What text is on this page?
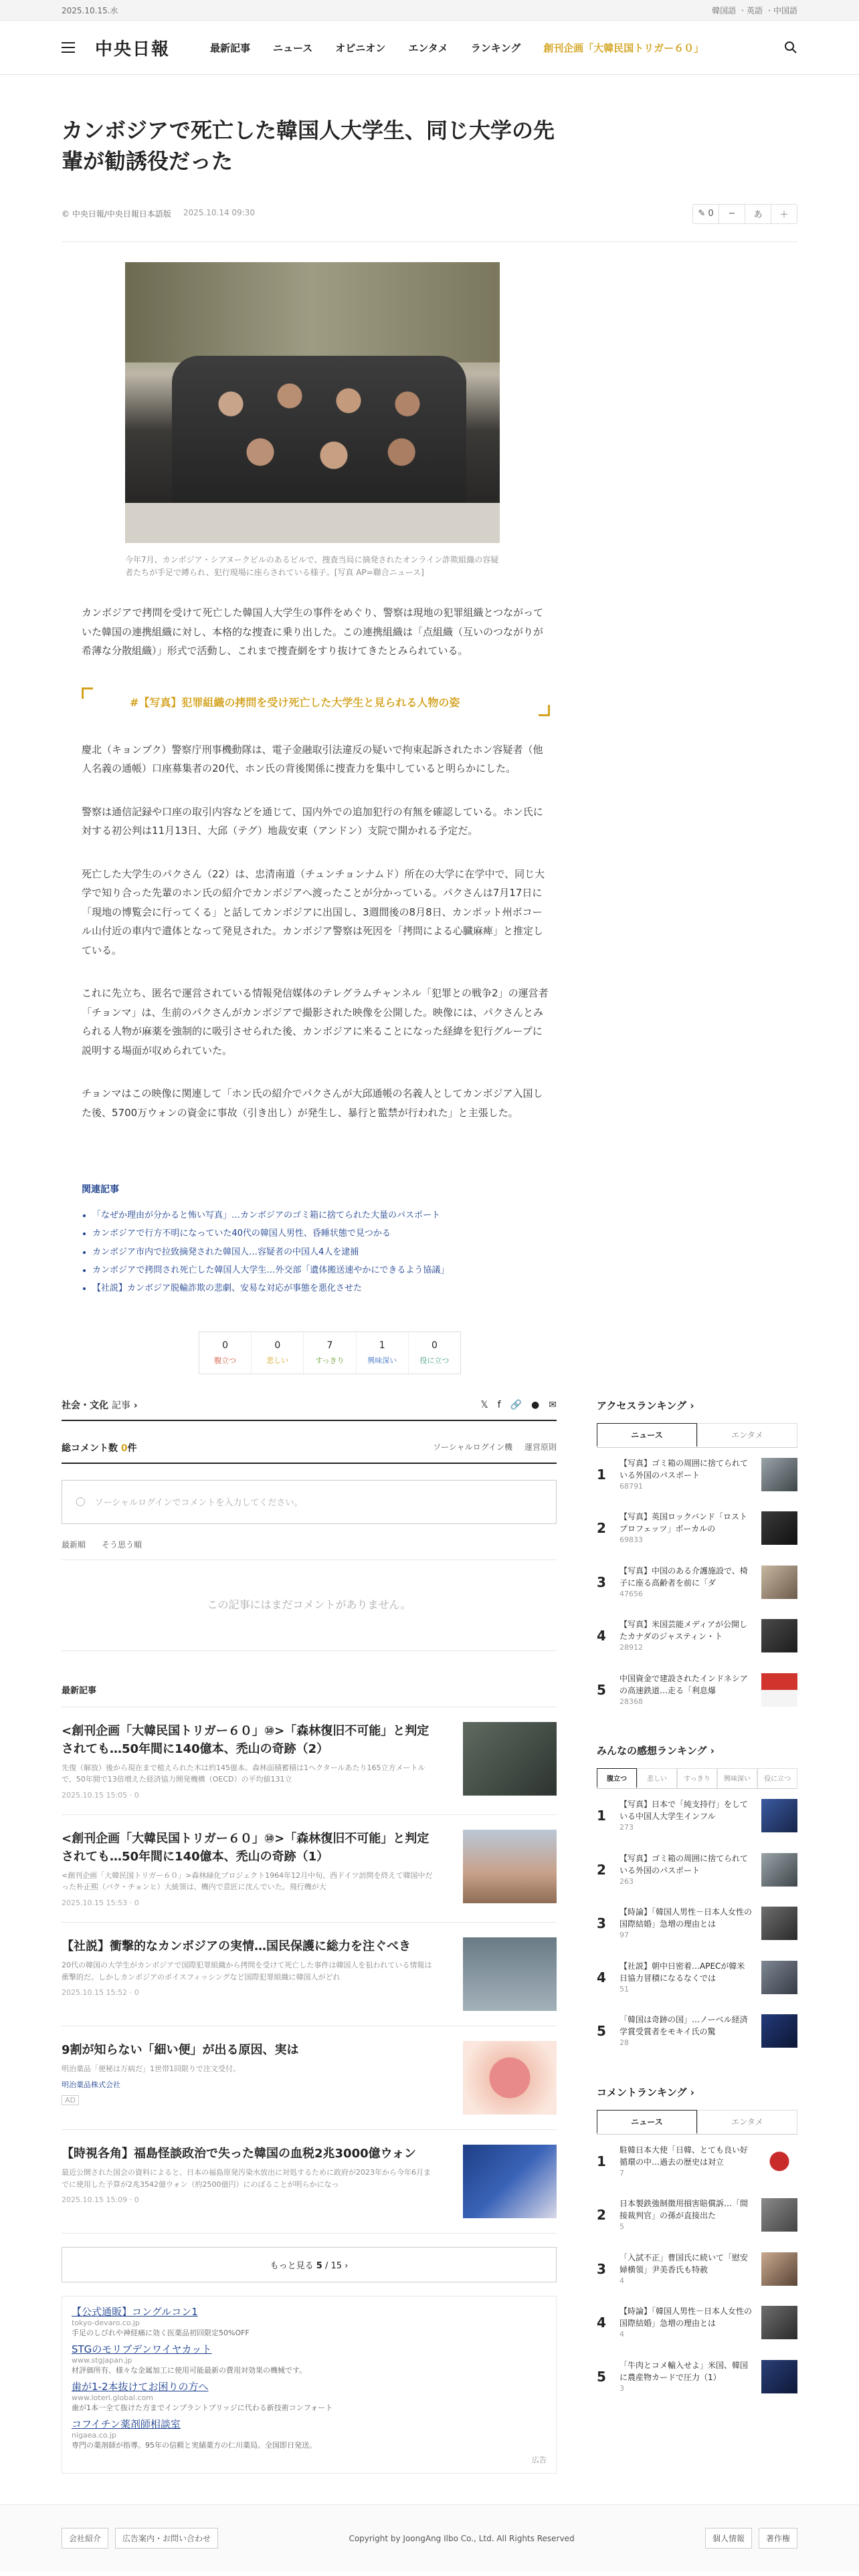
2025.10.15.水	韓国語 ・ 英語 ・ 中国語
中央日報	最新記事 ニュース オピニオン エンタメ ランキング 創刊企画「大韓民国トリガー６０」
カンボジアで死亡した韓国人大学生、同じ大学の先輩が勧誘役だった
© 中央日報/中央日報日本語版 2025.10.14 09:30	✎ 0	−	あ	＋
今年7月、カンボジア・シアヌークビルのあるビルで、捜査当局に摘発されたオンライン詐欺組織の容疑者たちが手足で縛られ、犯行現場に座らされている様子。[写真 AP=聯合ニュース]

カンボジアで拷問を受けて死亡した韓国人大学生の事件をめぐり、警察は現地の犯罪組織とつながっていた韓国の連携組織に対し、本格的な捜査に乗り出した。この連携組織は「点組織（互いのつながりが希薄な分散組織）」形式で活動し、これまで捜査網をすり抜けてきたとみられている。

#【写真】犯罪組織の拷問を受け死亡した大学生と見られる人物の姿

慶北（キョンブク）警察庁刑事機動隊は、電子金融取引法違反の疑いで拘束起訴されたホン容疑者（他人名義の通帳）口座募集者の20代、ホン氏の背後関係に捜査力を集中していると明らかにした。

警察は通信記録や口座の取引内容などを通じて、国内外での追加犯行の有無を確認している。ホン氏に対する初公判は11月13日、大邱（テグ）地裁安東（アンドン）支院で開かれる予定だ。

死亡した大学生のパクさん（22）は、忠清南道（チュンチョンナムド）所在の大学に在学中で、同じ大学で知り合った先輩のホン氏の紹介でカンボジアへ渡ったことが分かっている。パクさんは7月17日に「現地の博覧会に行ってくる」と話してカンボジアに出国し、3週間後の8月8日、カンポット州ボコール山付近の車内で遺体となって発見された。カンボジア警察は死因を「拷問による心臓麻痺」と推定している。

これに先立ち、匿名で運営されている情報発信媒体のテレグラムチャンネル「犯罪との戦争2」の運営者「チョンマ」は、生前のパクさんがカンボジアで撮影された映像を公開した。映像には、パクさんとみられる人物が麻薬を強制的に吸引させられた後、カンボジアに来ることになった経緯を犯行グループに説明する場面が収められていた。

チョンマはこの映像に関連して「ホン氏の紹介でパクさんが大邱通帳の名義人としてカンボジア入国した後、5700万ウォンの資金に事故（引き出し）が発生し、暴行と監禁が行われた」と主張した。

関連記事
• 「なぜか理由が分かると怖い写真」…カンボジアのゴミ箱に捨てられた大量のパスポート
• カンボジアで行方不明になっていた40代の韓国人男性、昏睡状態で見つかる
• カンボジア市内で拉致摘発された韓国人…容疑者の中国人4人を逮捕
• カンボジアで拷問され死亡した韓国人大学生…外交部「遺体搬送速やかにできるよう協議」
• 【社説】カンボジア脱輸詐欺の悲劇、安易な対応が事態を悪化させた
0
腹立つ
0
悲しい
7
すっきり
1
興味深い
0
役に立つ
社会・文化 記事 ›	𝕏 f 🔗 ● ✉
総コメント数 0件	ソーシャルログイン機 運営原則
◯ ソーシャルログインでコメントを入力してください。
最新順 そう思う順
この記事にはまだコメントがありません。
最新記事
<創刊企画「大韓民国トリガー６０」⑩>「森林復旧不可能」と判定されても…50年間に140億本、禿山の奇跡（2）
先復（解放）後から現在まで植えられた木は約145億本。森林面積蓄積は1ヘクタールあたり165立方メートルで、50年間で13倍増えた経済協力開発機構（OECD）の平均値131立
2025.10.15 15:05 · 0
<創刊企画「大韓民国トリガー６０」⑩>「森林復旧不可能」と判定されても…50年間に140億本、禿山の奇跡（1）
<創刊企画「大韓民国トリガー６０」>森林緑化プロジェクト1964年12月中旬、西ドイツ訪問を終えて韓国中だった朴正煕（パク・チョンヒ）大統領は、機内で意匠に沈んでいた。飛行機が大
2025.10.15 15:53 · 0
【社説】衝撃的なカンボジアの実情…国民保護に総力を注ぐべき
20代の韓国の大学生がカンボジアで国際犯罪組織から拷問を受けて死亡した事件は韓国人を狙われている情報は衝撃的だ。しかしカンボジアのボイスフィッシングなど国際犯罪組織に韓国人がどれ
2025.10.15 15:52 · 0
9割が知らない「細い便」が出る原因、実は
明治薬品「便秘は万病だ」1世帯1回限りで注文受付。
明治薬品株式会社
AD
【時視各角】福島怪談政治で失った韓国の血税2兆3000億ウォン
最近公開された国会の資料によると、日本の福島原発汚染水放出に対処するために政府が2023年から今年6月までに使用した予算が2兆3542億ウォン（約2500億円）にのぼることが明らかになっ
2025.10.15 15:09 · 0
もっと見る 5 / 15 ›
【公式通販】コングルコン1
tokyo-devaro.co.jp
手足のしびれや神経痛に効く医薬品初回限定50%OFF
STGのモリブデンワイヤカット
www.stgjapan.jp
材評価所有、様々な金属加工に使用可能最新の費用対効果の機械です。
歯が1-2本抜けてお困りの方へ
www.loteri.global.com
歯が1本一全て抜けた方までインプラントブリッジに代わる新技術コンフォート
コフイチン薬剤師相談室
nigaea.co.jp
専門の薬剤師が指導。95年の信頼と実績薬方の仁川薬局。全国即日発送。
広告
アクセスランキング ›
ニュース	エンタメ
1
【写真】ゴミ箱の周囲に捨てられている外国のパスポート
68791
2
【写真】英国ロックバンド「ロストプロフェッツ」ボーカルの
69833
3
【写真】中国のある介護施設で、椅子に座る高齢者を前に「ダ
47656
4
【写真】米国芸能メディアが公開したカナダのジャスティン・ト
28912
5
中国資金で建設されたインドネシアの高速鉄道…走る「利息爆
28368
みんなの感想ランキング ›
腹立つ	悲しい	すっきり	興味深い	役に立つ
1
【写真】日本で「純支持行」をしている中国人大学生インフル
273
2
【写真】ゴミ箱の周囲に捨てられている外国のパスポート
263
3
【時論】「韓国人男性－日本人女性の国際結婚」急増の理由とは
97
4
【社説】朝中日密着…APECが韓米日協力冒積になるなくでは
51
5
「韓国は奇跡の国」…ノーベル経済学賞受賞者をモキイ氏の驚
28
コメントランキング ›
ニュース	エンタメ
1
駐韓日本大使「日韓、とても良い好循環の中…過去の歴史は対立
7
2
日本製鉄強制徴用損害賠償訴…「間接裁判官」の孫が直接出た
5
3
「入試不正」曹国氏に続いて「慰安婦横領」尹美香氏も特赦
4
4
【時論】「韓国人男性－日本人女性の国際結婚」急増の理由とは
4
5
「牛肉とコメ輸入せよ」米国、韓国に農産物カードで圧力（1）
3
会社紹介	広告案内・お問い合わせ	Copyright by JoongAng Ilbo Co., Ltd. All Rights Reserved	個人情報	著作権
